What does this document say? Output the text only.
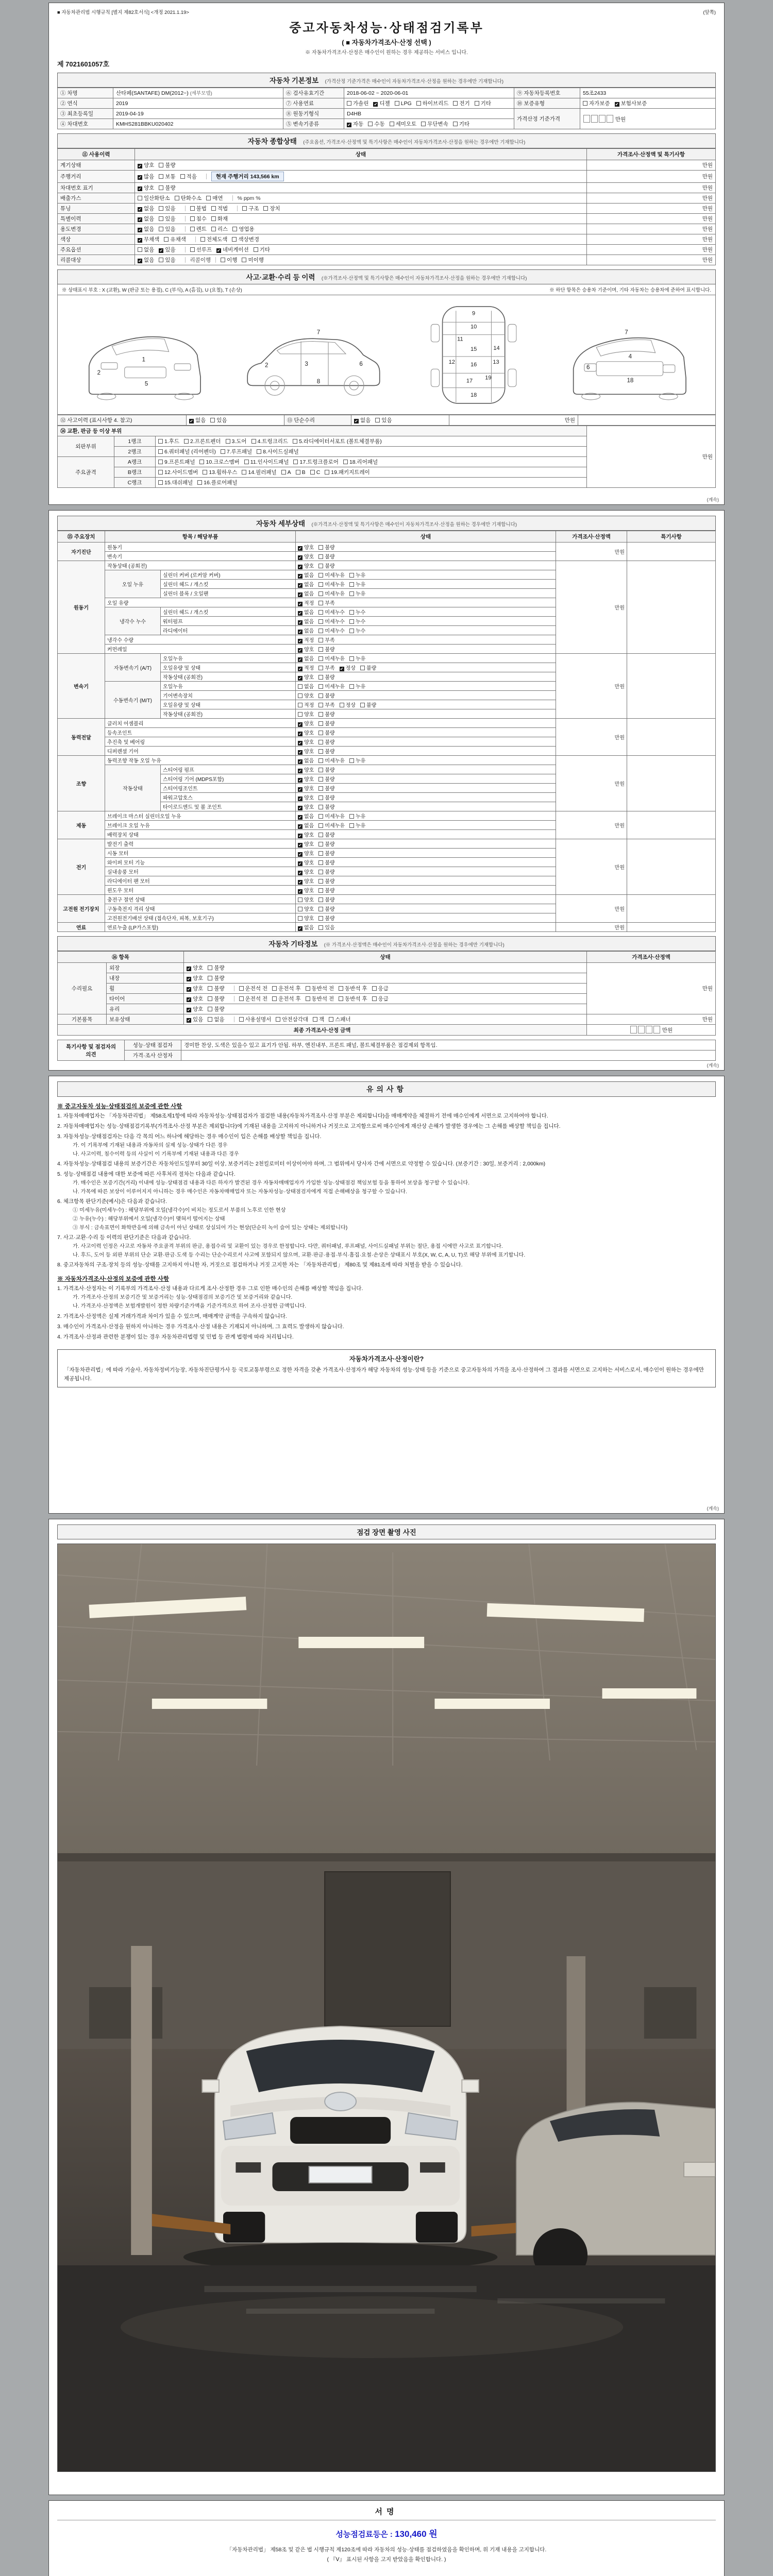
■ 자동차관리법 시행규칙 [별지 제82호서식] <개정 2021.1.19>	(앞쪽)
중고자동차성능·상태점검기록부
( ■ 자동차가격조사·산정 선택 )
※ 자동차가격조사·산정은 매수인이 원하는 경우 제공하는 서비스 입니다.
제 7021601057호
자동차 기본정보 (가격산정 기준가격은 매수인이 자동차가격조사·산정을 원하는 경우에만 기재합니다)
① 차명	산타페(SANTAFE) DM(2012~) (세부모델)	⑥ 검사유효기간	2018-06-02 ~ 2020-06-01	⑨ 자동차등록번호	55조2433
② 연식	2019	⑦ 사용연료	가솔린 ✔ 디젤 LPG 하이브리드 전기 기타	⑩ 보증유형	자가보증 ✔ 보험사보증
③ 최초등록일	2019-04-19	⑧ 원동기형식	D4HB	가격산정 기준가격	만원
④ 차대번호	KMHS281BBKU020402	⑤ 변속기종류	✔ 자동 수동 세미오토 무단변속 기타		
자동차 종합상태 (주요옵션, 가격조사·산정액 및 특기사항은 매수인이 자동차가격조사·산정을 원하는 경우에만 기재합니다)
⑪ 사용이력	상태	가격조사·산정액 및 특기사항
계기상태	✔ 양호 불량	만원
주행거리	✔ 많음 보통 적음 현재 주행거리 143,566 km	만원
차대번호 표기	✔ 양호 불량	만원
배출가스	일산화탄소 탄화수소 매연 % ppm %	만원
튜닝	✔ 없음 있음 불법 적법 구조 장치	만원
특별이력	✔ 없음 있음 침수 화재	만원
용도변경	✔ 없음 있음 렌트 리스 영업용	만원
색상	✔ 무채색 유채색 전체도색 색상변경	만원
주요옵션	없음 ✔ 있음 선루프 ✔ 네비게이션 기타	만원
리콜대상	✔ 없음 있음 리콜이행 이행 미이행	만원
사고·교환·수리 등 이력 (※가격조사·산정액 및 특기사항은 매수인이 자동차가격조사·산정을 원하는 경우에만 기재합니다)
※ 상태표시 부호 : X (교환), W (판금 또는 용접), C (부식), A (흠집), U (요철), T (손상)	※ 하단 항목은 승용차 기준이며, 기타 자동차는 승용차에 준하여 표시합니다.
1
2
5
7
2	3	6
8
9
10
11
14
15
12	16	13
19
17
18
7
4
6
18
⑫ 사고이력 (표시사항 4. 참고)	✔ 없음 있음	⑬ 단순수리	✔ 없음 있음	만원	
⑭ 교환, 판금 등 이상 부위			만원
외판부위	1랭크	1.후드 2.프론트펜더 3.도어 4.트렁크리드 5.라디에이터서포트 (볼트체결부품)	
	2랭크	6.쿼터패널 (리어펜더) 7.루프패널 8.사이드실패널	
주요골격	A랭크	9.프론트패널 10.크로스멤버 11.인사이드패널 17.트렁크플로어 18.리어패널	
	B랭크	12.사이드멤버 13.휠하우스 14.필러패널 A B C 19.패키지트레이	
	C랭크	15.대쉬패널 16.플로어패널	
(계속)
자동차 세부상태 (※가격조사·산정액 및 특기사항은 매수인이 자동차가격조사·산정을 원하는 경우에만 기재합니다)
⑮ 주요장치	항목 / 해당부품		상태	가격조사·산정액	특기사항
자기진단	원동기		✔ 양호 불량	만원	
	변속기		✔ 양호 불량		
원동기	작동상태 (공회전)		✔ 양호 불량	만원	
	오일 누유	실린더 커버 (로커암 커버)	✔ 없음 미세누유 누유		
		실린더 헤드 / 개스킷	✔ 없음 미세누유 누유		
		실린더 블록 / 오일팬	✔ 없음 미세누유 누유		
	오일 유량		✔ 적정 부족		
	냉각수 누수	실린더 헤드 / 개스킷	✔ 없음 미세누수 누수		
		워터펌프	✔ 없음 미세누수 누수		
		라디에이터	✔ 없음 미세누수 누수		
	냉각수 수량		✔ 적정 부족		
	커먼레일		✔ 양호 불량		
변속기	자동변속기 (A/T)	오일누유	✔ 없음 미세누유 누유	만원	
		오일유량 및 상태	✔ 적정 부족 ✔ 정상 불량		
		작동상태 (공회전)	✔ 양호 불량		
	수동변속기 (M/T)	오일누유	없음 미세누유 누유		
		기어변속장치	양호 불량		
		오일유량 및 상태	적정 부족 정상 불량		
		작동상태 (공회전)	양호 불량		
동력전달	클러치 어셈블리		✔ 양호 불량	만원	
	등속조인트		✔ 양호 불량		
	추진축 및 베어링		✔ 양호 불량		
	디퍼렌셜 기어		✔ 양호 불량		
조향	동력조향 작동 오일 누유		✔ 없음 미세누유 누유	만원	
	작동상태	스티어링 펌프	✔ 양호 불량		
		스티어링 기어 (MDPS포함)	✔ 양호 불량		
		스티어링조인트	✔ 양호 불량		
		파워고압호스	✔ 양호 불량		
		타이로드엔드 및 볼 조인트	✔ 양호 불량		
제동	브레이크 마스터 실린더오일 누유		✔ 없음 미세누유 누유	만원	
	브레이크 오일 누유		✔ 없음 미세누유 누유		
	배력장치 상태		✔ 양호 불량		
전기	발전기 출력		✔ 양호 불량	만원	
	시동 모터		✔ 양호 불량		
	와이퍼 모터 기능		✔ 양호 불량		
	실내송풍 모터		✔ 양호 불량		
	라디에이터 팬 모터		✔ 양호 불량		
	윈도우 모터		✔ 양호 불량		
고전원 전기장치	충전구 절연 상태		양호 불량	만원	
	구동축전지 격리 상태		양호 불량		
	고전원전기배선 상태 (접속단자, 피복, 보호기구)		양호 불량		
연료	연료누출 (LP가스포함)		✔ 없음 있음	만원	
자동차 기타정보 (※ 가격조사·산정액은 매수인이 자동차가격조사·산정을 원하는 경우에만 기재합니다)
⑯ 항목		상태	가격조사·산정액
수리필요	외장	✔ 양호 불량	만원
	내장	✔ 양호 불량	
	휠	✔ 양호 불량 운전석 전 운전석 후 동반석 전 동반석 후 응급	
	타이어	✔ 양호 불량 운전석 전 운전석 후 동반석 전 동반석 후 응급	
	유리	✔ 양호 불량	
기본품목	보유상태	✔ 있음 없음 사용설명서 안전삼각대 잭 스패너	만원
최종 가격조사·산정 금액			만원
특기사항 및 점검자의 의견	성능·상태 점검자	경미한 찬상, 도색은 있을수 있고 표기가 안됨. 하부, 엔진내부, 프론트 패널, 볼트체결부품은 점검제외 항목임.
	가격·조사 산정자	
(계속)
유의사항
※ 중고자동차 성능·상태점검의 보증에 관한 사항
1. 자동차매매업자는 「자동차관리법」 제58조제1항에 따라 자동차성능·상태점검자가 점검한 내용(자동차가격조사·산정 부분은 제외합니다)을 매매계약을 체결하기 전에 매수인에게 서면으로 고지하여야 합니다.
2. 자동차매매업자는 성능·상태점검기록부(가격조사·산정 부분은 제외합니다)에 기재된 내용을 고지하지 아니하거나 거짓으로 고지함으로써 매수인에게 재산상 손해가 발생한 경우에는 그 손해를 배상할 책임을 집니다.
3. 자동차성능·상태점검자는 다음 각 목의 어느 하나에 해당하는 경우 매수인이 입은 손해를 배상할 책임을 집니다.
가. 이 기록부에 기재된 내용과 자동차의 실제 성능·상태가 다른 경우
나. 사고이력, 침수이력 등의 사실이 이 기록부에 기재된 내용과 다른 경우
4. 자동차성능·상태점검 내용의 보증기간은 자동차인도일부터 30일 이상, 보증거리는 2천킬로미터 이상이어야 하며, 그 범위에서 당사자 간에 서면으로 약정할 수 있습니다. (보증기간 : 30일, 보증거리 : 2,000km)
5. 성능·상태점검 내용에 대한 보증에 따른 사후처리 절차는 다음과 같습니다.
가. 매수인은 보증기간(거리) 이내에 성능·상태점검 내용과 다른 하자가 발견된 경우 자동차매매업자가 가입한 성능·상태점검 책임보험 등을 통하여 보상을 청구할 수 있습니다.
나. 가목에 따른 보상이 이루어지지 아니하는 경우 매수인은 자동차매매업자 또는 자동차성능·상태점검자에게 직접 손해배상을 청구할 수 있습니다.
6. 체크항목 판단기준(예시)은 다음과 같습니다.
① 미세누유(미세누수) : 해당부위에 오일(냉각수)이 비치는 정도로서 부품의 노후로 인한 현상
② 누유(누수) : 해당부위에서 오일(냉각수)이 맺혀서 떨어지는 상태
③ 부식 : 금속표면이 화학반응에 의해 금속이 아닌 상태로 상실되어 가는 현상(단순히 녹이 슬어 있는 상태는 제외합니다)
7. 사고·교환·수리 등 이력의 판단기준은 다음과 같습니다.
가. 사고이력 인정은 사고로 자동차 주요골격 부위의 판금, 용접수리 및 교환이 있는 경우로 한정합니다. 다만, 쿼터패널, 루프패널, 사이드실패널 부위는 절단, 용접 시에만 사고로 표기합니다.
나. 후드, 도어 등 외판 부위의 단순 교환·판금·도색 등 수리는 단순수리로서 사고에 포함되지 않으며, 교환·판금·용접·부식·흠집·요철·손상은 상태표시 부호(X, W, C, A, U, T)로 해당 부위에 표기합니다.
8. 중고자동차의 구조·장치 등의 성능·상태를 고지하지 아니한 자, 거짓으로 점검하거나 거짓 고지한 자는 「자동차관리법」 제80조 및 제81조에 따라 처벌을 받을 수 있습니다.
※ 자동차가격조사·산정의 보증에 관한 사항
1. 가격조사·산정자는 이 기록부의 가격조사·산정 내용과 다르게 조사·산정한 경우 그로 인한 매수인의 손해를 배상할 책임을 집니다.
가. 가격조사·산정의 보증기간 및 보증거리는 성능·상태점검의 보증기간 및 보증거리와 같습니다.
나. 가격조사·산정액은 보험개발원이 정한 차량기준가액을 기준가격으로 하여 조사·산정한 금액입니다.
2. 가격조사·산정액은 실제 거래가격과 차이가 있을 수 있으며, 매매계약 금액을 구속하지 않습니다.
3. 매수인이 가격조사·산정을 원하지 아니하는 경우 가격조사·산정 내용은 기재되지 아니하며, 그 효력도 발생하지 않습니다.
4. 가격조사·산정과 관련한 분쟁이 있는 경우 자동차관리법령 및 민법 등 관계 법령에 따라 처리됩니다.
자동차가격조사·산정이란?
「자동차관리법」에 따라 기술사, 자동차정비기능장, 자동차진단평가사 등 국토교통부령으로 정한 자격을 갖춘 가격조사·산정자가 해당 자동차의 성능·상태 등을 기준으로 중고자동차의 가격을 조사·산정하여 그 결과를 서면으로 고지하는 서비스로서, 매수인이 원하는 경우에만 제공됩니다.
(계속)
점검 장면 촬영 사진
서명
성능점검료등은 : 130,460 원
「자동차관리법」 제58조 및 같은 법 시행규칙 제120조에 따라 자동차의 성능·상태를 점검하였음을 확인하며, 위 기재 내용을 고지합니다.
( 『Ⅴ』 표시된 사항을 고지 받았음을 확인합니다. )
